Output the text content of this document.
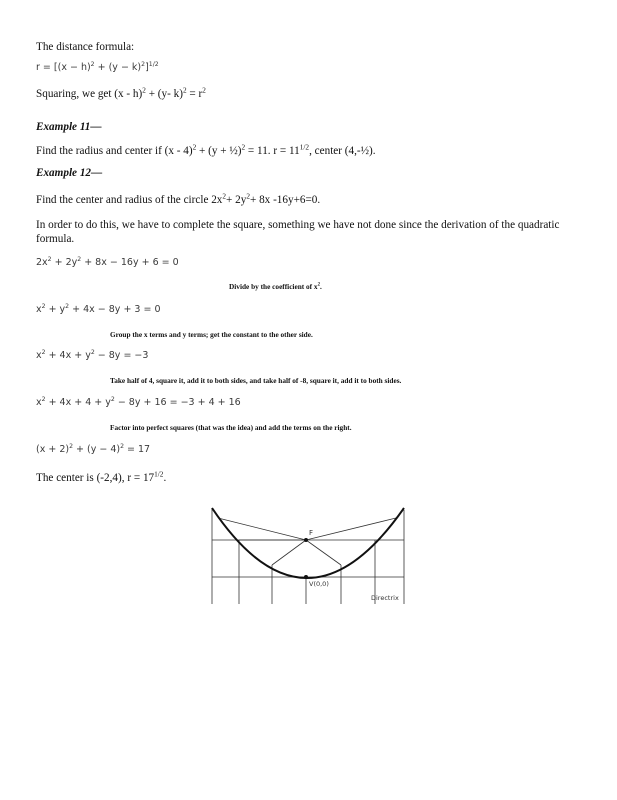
The distance formula:
$r = [(x - h)^2 + (y - k)^2]^{1/2}$
Squaring, we get (x - h)$^2$ + (y- $k)^2 = r^2$
Example 11—
Find the radius and center if (x - 4)$^2$ + (y + ½)$^2$ = 11. $r = 11^{1/2}$, center (4,-½).
Example 12—
Find the center and radius of the circle $2x^2+ 2y^2+ 8x$ -16y+6=0.
In order to do this, we have to complete the square, something we have not done since the derivation of the quadratic formula.
$2x^2 + 2y^2 + 8x - 16y + 6 = 0$
Divide by the coefficient of $x^2$.
$x^2 + y^2 + 4x - 8y + 3 = 0$
Group the x terms and y terms; get the constant to the other side.
$x^2 + 4x + y^2 - 8y = -3$
Take half of 4, square it, add it to both sides, and take half of -8, square it, add it to both sides.
$x^2 + 4x + 4 + y^2 - 8y + 16 = -3 + 4 + 16$
Factor into perfect squares (that was the idea) and add the terms on the right.
$(x + 2)^2 + (y - 4)^2 = 17$
The center is (-2,4), $r = 17^{1/2}$.
F
V(0,0)
Directrix
